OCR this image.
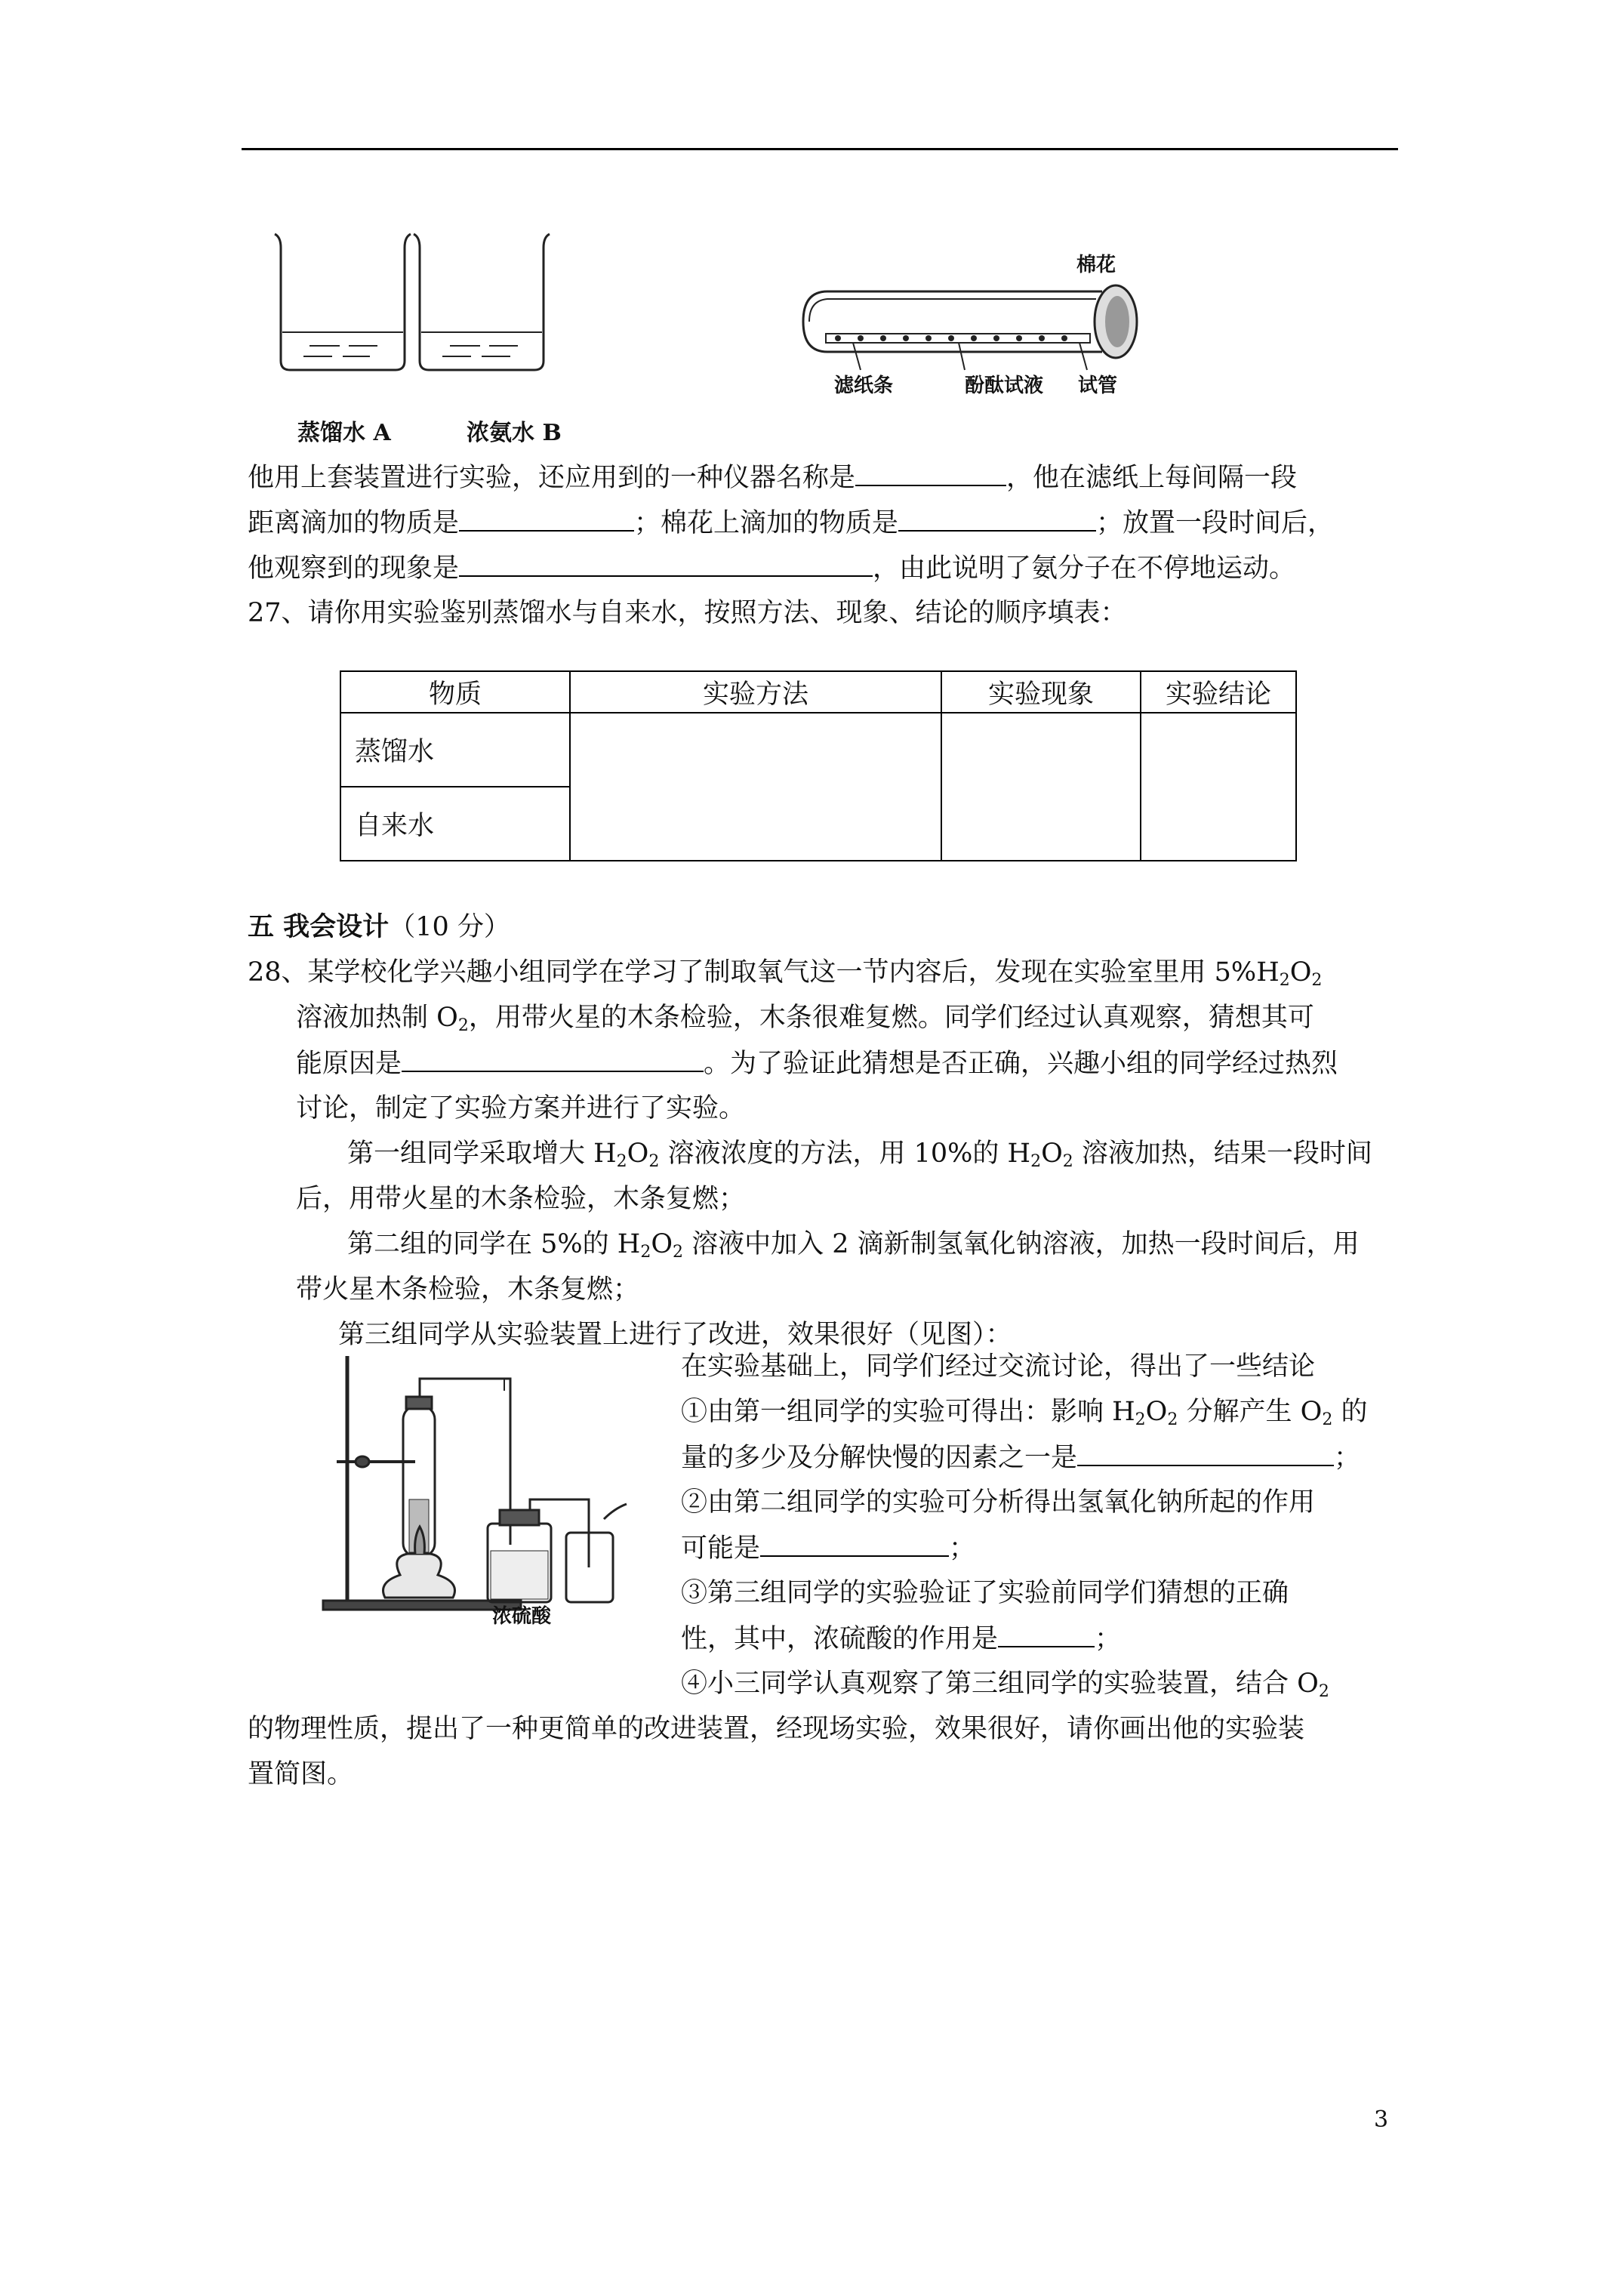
蒸馏水 A	浓氨水 B
棉花
滤纸条	酚酞试液 试管
他用上套装置进行实验，还应用到的一种仪器名称是	，他在滤纸上每间隔一段
距离滴加的物质是	；棉花上滴加的物质是	；放置一段时间后，
他观察到的现象是	，由此说明了氨分子在不停地运动。
27、请你用实验鉴别蒸馏水与自来水，按照方法、现象、结论的顺序填表：
物质	实验方法	实验现象	实验结论
蒸馏水			
自来水			
五 我会设计（10 分）
28、某学校化学兴趣小组同学在学习了制取氧气这一节内容后，发现在实验室里用 $5\%H_2O_2$
溶液加热制 $O_2$，用带火星的木条检验，木条很难复燃。同学们经过认真观察，猜想其可
能原因是	。为了验证此猜想是否正确，兴趣小组的同学经过热烈
讨论，制定了实验方案并进行了实验。
第一组同学采取增大 $H_2O_2$ 溶液浓度的方法，用 10%的 $H_2O_2$ 溶液加热，结果一段时间
后，用带火星的木条检验，木条复燃；
第二组的同学在 5%的 $H_2O_2$ 溶液中加入 2 滴新制氢氧化钠溶液，加热一段时间后，用
带火星木条检验，木条复燃；
第三组同学从实验装置上进行了改进，效果很好（见图）：
浓硫酸
在实验基础上，同学们经过交流讨论，得出了一些结论
①由第一组同学的实验可得出：影响 $H_2O_2$ 分解产生 $O_2$ 的
量的多少及分解快慢的因素之一是	；
②由第二组同学的实验可分析得出氢氧化钠所起的作用
可能是	；
③第三组同学的实验验证了实验前同学们猜想的正确
性，其中，浓硫酸的作用是	；
④小三同学认真观察了第三组同学的实验装置，结合 $O_2$
的物理性质，提出了一种更简单的改进装置，经现场实验，效果很好，请你画出他的实验装
置简图。
3
